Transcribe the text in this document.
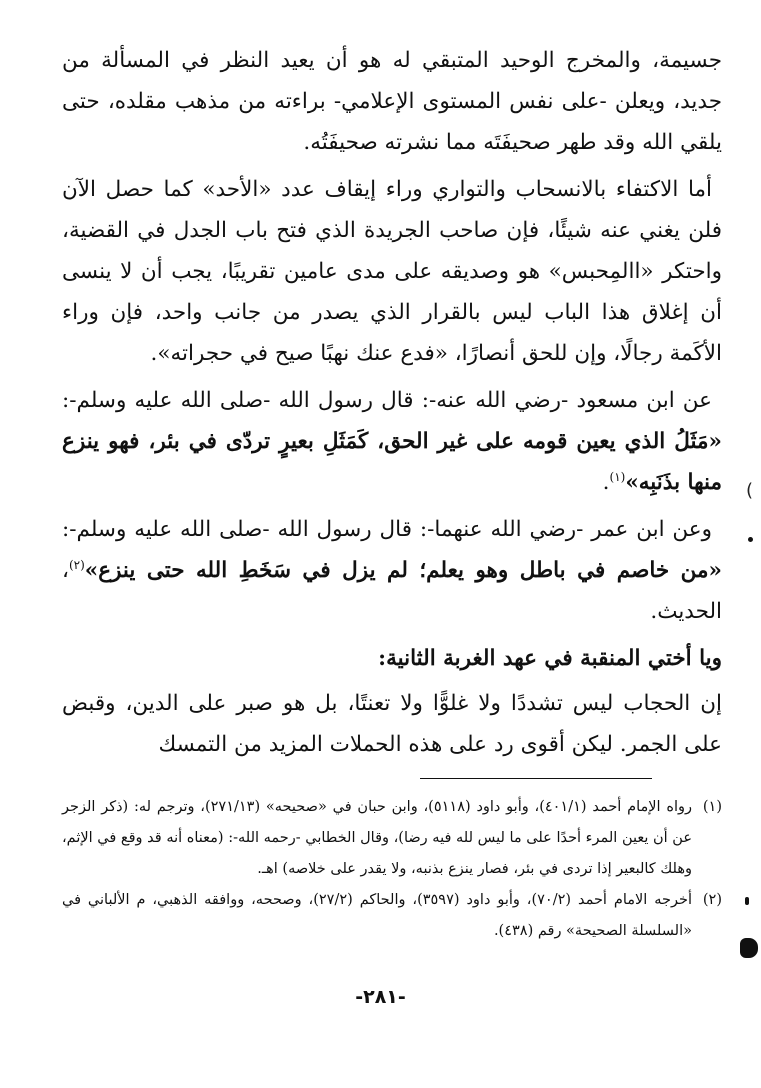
جسيمة، والمخرج الوحيد المتبقي له هو أن يعيد النظر في المسألة من جديد، ويعلن -على نفس المستوى الإعلامي- براءته من مذهب مقلده، حتى يلقي الله وقد طهر صحيفَتَه مما نشرته صحيفَتُه.

أما الاكتفاء بالانسحاب والتواري وراء إيقاف عدد «الأحد» كما حصل الآن فلن يغني عنه شيئًا، فإن صاحب الجريدة الذي فتح باب الجدل في القضية، واحتكر «االمِحبس» هو وصديقه على مدى عامين تقريبًا، يجب أن لا ينسى أن إغلاق هذا الباب ليس بالقرار الذي يصدر من جانب واحد، فإن وراء الأكَمة رجالًا، وإن للحق أنصارًا، «فدع عنك نهبًا صيح في حجراته».

عن ابن مسعود -رضي الله عنه-: قال رسول الله -صلى الله عليه وسلم-: «مَثَلُ الذي يعين قومه على غير الحق، كَمَثَلِ بعيرٍ تردّى في بئر، فهو ينزع منها بذَنَبِه»$^{(١)}$.

وعن ابن عمر -رضي الله عنهما-: قال رسول الله -صلى الله عليه وسلم-: «من خاصم في باطل وهو يعلم؛ لم يزل في سَخَطِ الله حتى ينزع»$^{(٢)}$، الحديث.

ويا أختي المنقبة في عهد الغربة الثانية:

إن الحجاب ليس تشددًا ولا غلوًّا ولا تعنتًا، بل هو صبر على الدين، وقبض على الجمر. ليكن أقوى رد على هذه الحملات المزيد من التمسك

(١)
رواه الإمام أحمد (٤٠١/١)، وأبو داود (٥١١٨)، وابن حبان في «صحيحه» (٢٧١/١٣)، وترجم له: (ذكر الزجر عن أن يعين المرء أحدًا على ما ليس لله فيه رضا)، وقال الخطابي -رحمه الله-: (معناه أنه قد وقع في الإثم، وهلك كالبعير إذا تردى في بئر، فصار ينزع بذنبه، ولا يقدر على خلاصه) اهـ.

(٢)
أخرجه الامام أحمد (٧٠/٢)، وأبو داود (٣٥٩٧)، والحاكم (٢٧/٢)، وصححه، ووافقه الذهبي، م الألباني في «السلسلة الصحيحة» رقم (٤٣٨).

-٢٨١-
(
